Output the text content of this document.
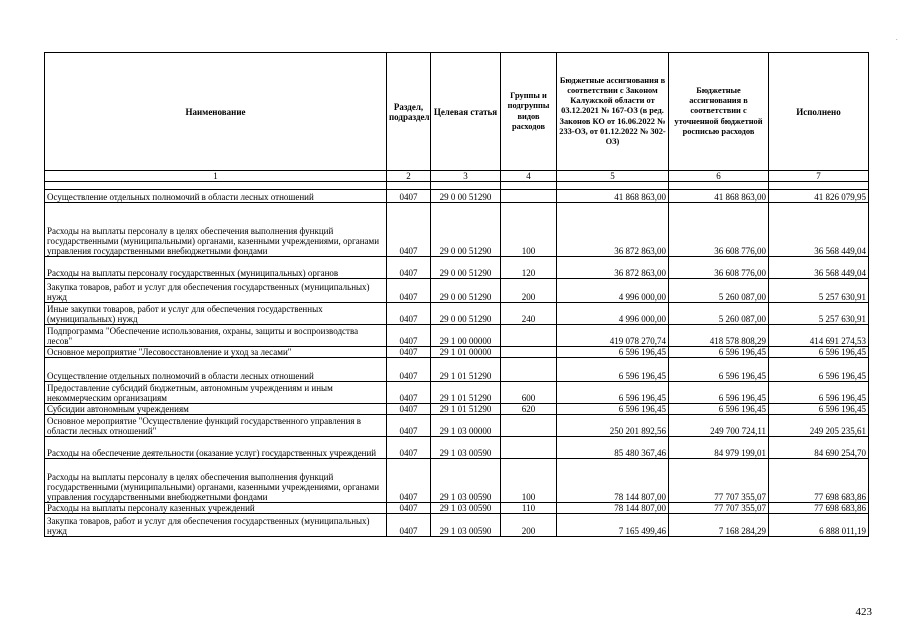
Наименование	Раздел, подраздел	Целевая статья	Группы и подгруппы видов расходов	Бюджетные ассигнования в соответствии с Законом Калужской области от 03.12.2021 № 167-ОЗ (в ред. Законов КО от 16.06.2022 № 233-ОЗ, от 01.12.2022 № 302-ОЗ)	Бюджетные ассигнования в соответствии с уточненной бюджетной росписью расходов	Исполнено
1	2	3	4	5	6	7

Осуществление отдельных полномочий в области лесных отношений	0407	29 0 00 51290		41 868 863,00	41 868 863,00	41 826 079,95
Расходы на выплаты персоналу в целях обеспечения выполнения функций государственными (муниципальными) органами, казенными учреждениями, органами управления государственными внебюджетными фондами	0407	29 0 00 51290	100	36 872 863,00	36 608 776,00	36 568 449,04
Расходы на выплаты персоналу государственных (муниципальных) органов	0407	29 0 00 51290	120	36 872 863,00	36 608 776,00	36 568 449,04
Закупка товаров, работ и услуг для обеспечения государственных (муниципальных) нужд	0407	29 0 00 51290	200	4 996 000,00	5 260 087,00	5 257 630,91
Иные закупки товаров, работ и услуг для обеспечения государственных (муниципальных) нужд	0407	29 0 00 51290	240	4 996 000,00	5 260 087,00	5 257 630,91
Подпрограмма "Обеспечение использования, охраны, защиты и воспроизводства лесов"	0407	29 1 00 00000		419 078 270,74	418 578 808,29	414 691 274,53
Основное мероприятие "Лесовосстановление и уход за лесами"	0407	29 1 01 00000		6 596 196,45	6 596 196,45	6 596 196,45
Осуществление отдельных полномочий в области лесных отношений	0407	29 1 01 51290		6 596 196,45	6 596 196,45	6 596 196,45
Предоставление субсидий бюджетным, автономным учреждениям и иным некоммерческим организациям	0407	29 1 01 51290	600	6 596 196,45	6 596 196,45	6 596 196,45
Субсидии автономным учреждениям	0407	29 1 01 51290	620	6 596 196,45	6 596 196,45	6 596 196,45
Основное мероприятие "Осуществление функций государственного управления в области лесных отношений"	0407	29 1 03 00000		250 201 892,56	249 700 724,11	249 205 235,61
Расходы на обеспечение деятельности (оказание услуг) государственных учреждений	0407	29 1 03 00590		85 480 367,46	84 979 199,01	84 690 254,70
Расходы на выплаты персоналу в целях обеспечения выполнения функций государственными (муниципальными) органами, казенными учреждениями, органами управления государственными внебюджетными фондами	0407	29 1 03 00590	100	78 144 807,00	77 707 355,07	77 698 683,86
Расходы на выплаты персоналу казенных учреждений	0407	29 1 03 00590	110	78 144 807,00	77 707 355,07	77 698 683,86
Закупка товаров, работ и услуг для обеспечения государственных (муниципальных) нужд	0407	29 1 03 00590	200	7 165 499,46	7 168 284,29	6 888 011,19
·
423
